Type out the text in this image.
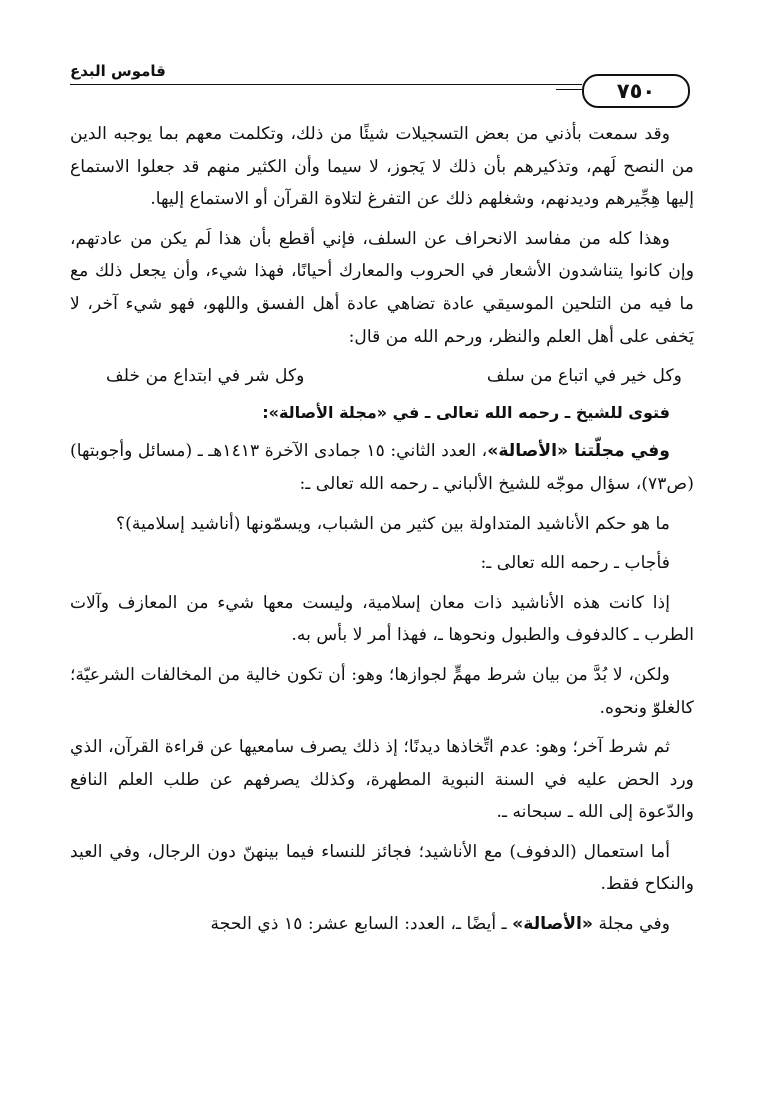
قاموس البدع
٧٥٠

وقد سمعت بأذني من بعض التسجيلات شيئًا من ذلك، وتكلمت معهم بما يوجبه الدين من النصح لَهم، وتذكيرهم بأن ذلك لا يَجوز، لا سيما وأن الكثير منهم قد جعلوا الاستماع إليها هِجِّيرهم وديدنهم، وشغلهم ذلك عن التفرغ لتلاوة القرآن أو الاستماع إليها.

وهذا كله من مفاسد الانحراف عن السلف، فإني أقطع بأن هذا لَم يكن من عادتهم، وإن كانوا يتناشدون الأشعار في الحروب والمعارك أحيانًا، فهذا شيء، وأن يجعل ذلك مع ما فيه من التلحين الموسيقي عادة تضاهي عادة أهل الفسق واللهو، فهو شيء آخر، لا يَخفى على أهل العلم والنظر، ورحم الله من قال:

وكل خير في اتباع من سلف
وكل شر في ابتداع من خلف

فتوى للشيخ ـ رحمه الله تعالى ـ في «مجلة الأصالة»:

وفي مجلّتنا «الأصالة»، العدد الثاني: ١٥ جمادى الآخرة ١٤١٣هـ ـ (مسائل وأجوبتها) (ص٧٣)، سؤال موجّه للشيخ الألباني ـ رحمه الله تعالى ـ:

ما هو حكم الأناشيد المتداولة بين كثير من الشباب، ويسمّونها (أناشيد إسلامية)؟

فأجاب ـ رحمه الله تعالى ـ:

إذا كانت هذه الأناشيد ذات معان إسلامية، وليست معها شيء من المعازف وآلات الطرب ـ كالدفوف والطبول ونحوها ـ، فهذا أمر لا بأس به.

ولكن، لا بُدَّ من بيان شرط مهمٍّ لجوازها؛ وهو: أن تكون خالية من المخالفات الشرعيّة؛ كالغلوّ ونحوه.

ثم شرط آخر؛ وهو: عدم اتِّخاذها ديدنًا؛ إذ ذلك يصرف سامعيها عن قراءة القرآن، الذي ورد الحض عليه في السنة النبوية المطهرة، وكذلك يصرفهم عن طلب العلم النافع والدّعوة إلى الله ـ سبحانه ـ.

أما استعمال (الدفوف) مع الأناشيد؛ فجائز للنساء فيما بينهنّ دون الرجال، وفي العيد والنكاح فقط.

وفي مجلة «الأصالة» ـ أيضًا ـ، العدد: السابع عشر: ١٥ ذي الحجة
